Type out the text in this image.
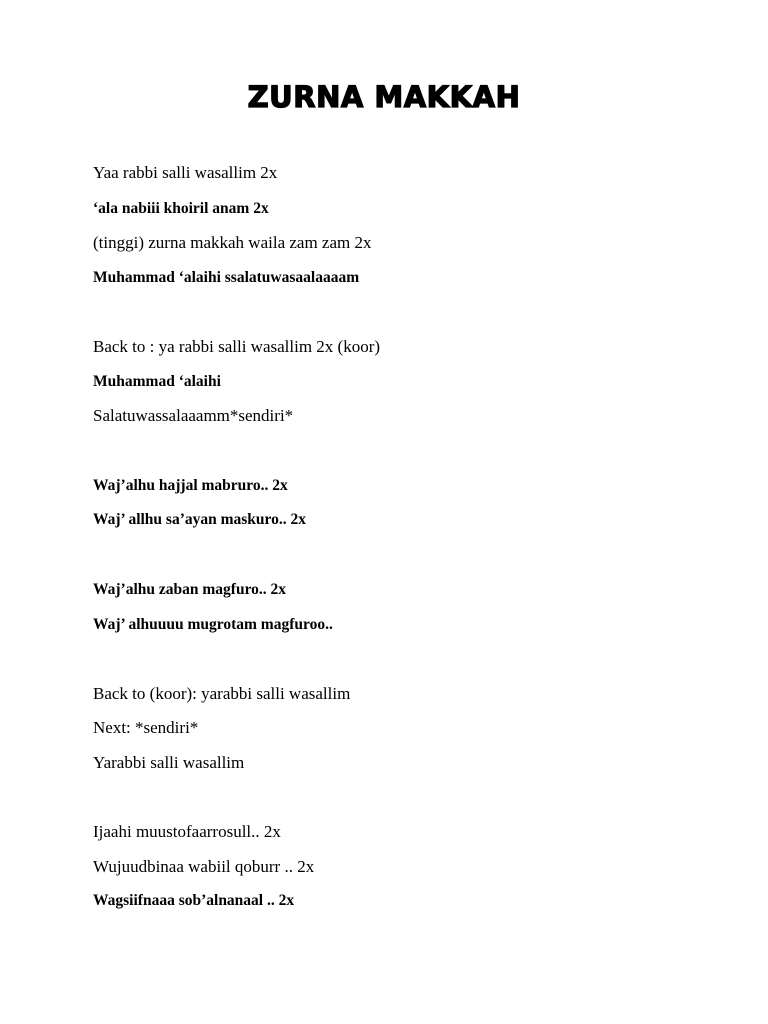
ZURNA MAKKAH
Yaa rabbi salli wasallim 2x
‘ala nabiii khoiril anam 2x
(tinggi) zurna makkah waila zam zam 2x
Muhammad ‘alaihi ssalatuwasaalaaaam
Back to : ya rabbi salli wasallim 2x (koor)
Muhammad ‘alaihi
Salatuwassalaaamm*sendiri*
Waj’alhu hajjal mabruro.. 2x
Waj’ allhu sa’ayan maskuro.. 2x
Waj’alhu zaban magfuro.. 2x
Waj’ alhuuuu mugrotam magfuroo..
Back to (koor): yarabbi salli wasallim
Next: *sendiri*
Yarabbi salli wasallim
Ijaahi muustofaarrosull.. 2x
Wujuudbinaa wabiil qoburr .. 2x
Wagsiifnaaa sob’alnanaal .. 2x
